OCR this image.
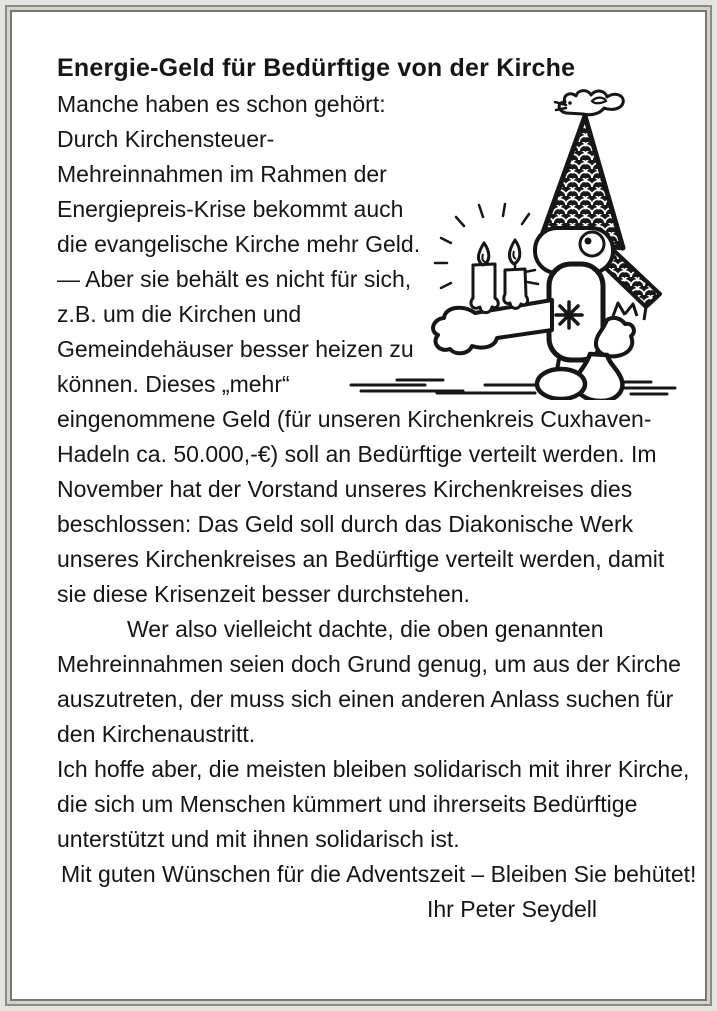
Energie-Geld für Bedürftige von der Kirche
Manche haben es schon gehört:
Durch Kirchensteuer-
Mehreinnahmen im Rahmen der
Energiepreis-Krise bekommt auch
die evangelische Kirche mehr Geld.
— Aber sie behält es nicht für sich,
z.B. um die Kirchen und
Gemeindehäuser besser heizen zu
können. Dieses „mehr“
eingenommene Geld (für unseren Kirchenkreis Cuxhaven-
Hadeln ca. 50.000,-€) soll an Bedürftige verteilt werden. Im
November hat der Vorstand unseres Kirchenkreises dies
beschlossen: Das Geld soll durch das Diakonische Werk
unseres Kirchenkreises an Bedürftige verteilt werden, damit
sie diese Krisenzeit besser durchstehen.
Wer also vielleicht dachte, die oben genannten
Mehreinnahmen seien doch Grund genug, um aus der Kirche
auszutreten, der muss sich einen anderen Anlass suchen für
den Kirchenaustritt.
Ich hoffe aber, die meisten bleiben solidarisch mit ihrer Kirche,
die sich um Menschen kümmert und ihrerseits Bedürftige
unterstützt und mit ihnen solidarisch ist.
Mit guten Wünschen für die Adventszeit – Bleiben Sie behütet!
Ihr Peter Seydell
